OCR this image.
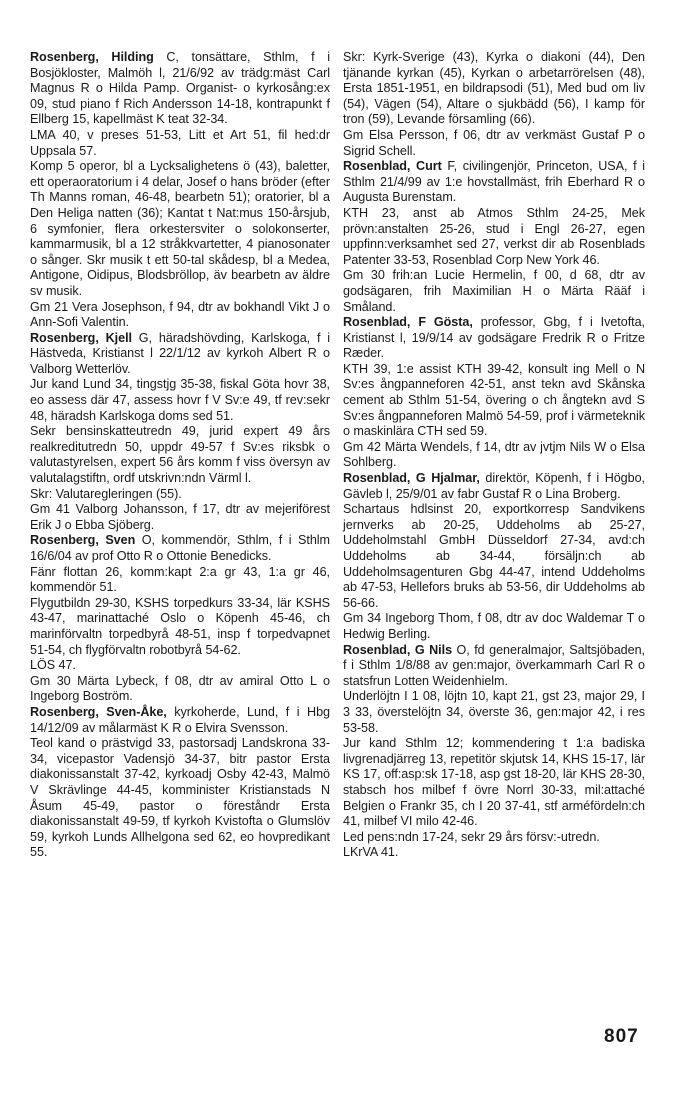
Rosenberg, Hilding C, tonsättare, Sthlm, f i Bosjökloster, Malmöh l, 21/6/92 av trädg:mäst Carl Magnus R o Hilda Pamp. Organist- o kyrkosång:ex 09, stud piano f Rich Andersson 14-18, kontrapunkt f Ellberg 15, kapellmäst K teat 32-34.

LMA 40, v preses 51-53, Litt et Art 51, fil hed:dr Uppsala 57.

Komp 5 operor, bl a Lycksalighetens ö (43), baletter, ett operaoratorium i 4 delar, Josef o hans bröder (efter Th Manns roman, 46-48, bearbetn 51); oratorier, bl a Den Heliga natten (36); Kantat t Nat:mus 150-årsjub, 6 symfonier, flera orkestersviter o solokonserter, kammarmusik, bl a 12 stråkkvartetter, 4 pianosonater o sånger. Skr musik t ett 50-tal skådesp, bl a Medea, Antigone, Oidipus, Blodsbröllop, äv bearbetn av äldre sv musik.

Gm 21 Vera Josephson, f 94, dtr av bokhandl Vikt J o Ann-Sofi Valentin.

Rosenberg, Kjell G, häradshövding, Karlskoga, f i Hästveda, Kristianst l 22/1/12 av kyrkoh Albert R o Valborg Wetterlöv.

Jur kand Lund 34, tingstjg 35-38, fiskal Göta hovr 38, eo assess där 47, assess hovr f V Sv:e 49, tf rev:sekr 48, häradsh Karlskoga doms sed 51.

Sekr bensinskatteutredn 49, jurid expert 49 års realkreditutredn 50, uppdr 49-57 f Sv:es riksbk o valutastyrelsen, expert 56 års komm f viss översyn av valutalagstiftn, ordf utskrivn:ndn Värml l.

Skr: Valutaregleringen (55).

Gm 41 Valborg Johansson, f 17, dtr av mejeriförest Erik J o Ebba Sjöberg.

Rosenberg, Sven O, kommendör, Sthlm, f i Sthlm 16/6/04 av prof Otto R o Ottonie Benedicks.

Fänr flottan 26, komm:kapt 2:a gr 43, 1:a gr 46, kommendör 51.

Flygutbildn 29-30, KSHS torpedkurs 33-34, lär KSHS 43-47, marinattaché Oslo o Köpenh 45-46, ch marinförvaltn torpedbyrå 48-51, insp f torpedvapnet 51-54, ch flygförvaltn robotbyrå 54-62.

LÖS 47.

Gm 30 Märta Lybeck, f 08, dtr av amiral Otto L o Ingeborg Boström.

Rosenberg, Sven-Åke, kyrkoherde, Lund, f i Hbg 14/12/09 av målarmäst K R o Elvira Svensson.

Teol kand o prästvigd 33, pastorsadj Landskrona 33-34, vicepastor Vadensjö 34-37, bitr pastor Ersta diakonissanstalt 37-42, kyrkoadj Osby 42-43, Malmö V Skrävlinge 44-45, komminister Kristianstads N Åsum 45-49, pastor o föreståndr Ersta diakonissanstalt 49-59, tf kyrkoh Kvistofta o Glumslöv 59, kyrkoh Lunds Allhelgona sed 62, eo hovpredikant 55.

Skr: Kyrk-Sverige (43), Kyrka o diakoni (44), Den tjänande kyrkan (45), Kyrkan o arbetarrörelsen (48), Ersta 1851-1951, en bildrapsodi (51), Med bud om liv (54), Vägen (54), Altare o sjukbädd (56), I kamp för tron (59), Levande församling (66).

Gm Elsa Persson, f 06, dtr av verkmäst Gustaf P o Sigrid Schell.

Rosenblad, Curt F, civilingenjör, Princeton, USA, f i Sthlm 21/4/99 av 1:e hovstallmäst, frih Eberhard R o Augusta Burenstam.

KTH 23, anst ab Atmos Sthlm 24-25, Mek prövn:anstalten 25-26, stud i Engl 26-27, egen uppfinn:verksamhet sed 27, verkst dir ab Rosenblads Patenter 33-53, Rosenblad Corp New York 46.

Gm 30 frih:an Lucie Hermelin, f 00, d 68, dtr av godsägaren, frih Maximilian H o Märta Rääf i Småland.

Rosenblad, F Gösta, professor, Gbg, f i Ivetofta, Kristianst l, 19/9/14 av godsägare Fredrik R o Fritze Ræder.

KTH 39, 1:e assist KTH 39-42, konsult ing Mell o N Sv:es ångpanneforen 42-51, anst tekn avd Skånska cement ab Sthlm 51-54, övering o ch ångtekn avd S Sv:es ångpanneforen Malmö 54-59, prof i värmeteknik o maskinlära CTH sed 59.

Gm 42 Märta Wendels, f 14, dtr av jvtjm Nils W o Elsa Sohlberg.

Rosenblad, G Hjalmar, direktör, Köpenh, f i Högbo, Gävleb l, 25/9/01 av fabr Gustaf R o Lina Broberg.

Schartaus hdlsinst 20, exportkorresp Sandvikens jernverks ab 20-25, Uddeholms ab 25-27, Uddeholmstahl GmbH Düsseldorf 27-34, avd:ch Uddeholms ab 34-44, försäljn:ch ab Uddeholmsagenturen Gbg 44-47, intend Uddeholms ab 47-53, Hellefors bruks ab 53-56, dir Uddeholms ab 56-66.

Gm 34 Ingeborg Thom, f 08, dtr av doc Waldemar T o Hedwig Berling.

Rosenblad, G Nils O, fd generalmajor, Saltsjöbaden, f i Sthlm 1/8/88 av gen:major, överkammarh Carl R o statsfrun Lotten Weidenhielm.

Underlöjtn I 1 08, löjtn 10, kapt 21, gst 23, major 29, I 3 33, överstelöjtn 34, överste 36, gen:major 42, i res 53-58.

Jur kand Sthlm 12; kommendering t 1:a badiska livgrenadjärreg 13, repetitör skjutsk 14, KHS 15-17, lär KS 17, off:asp:sk 17-18, asp gst 18-20, lär KHS 28-30, stabsch hos milbef f övre Norrl 30-33, mil:attaché Belgien o Frankr 35, ch I 20 37-41, stf arméfördeln:ch 41, milbef VI milo 42-46.

Led pens:ndn 17-24, sekr 29 års försv:-utredn.

LKrVA 41.

807
